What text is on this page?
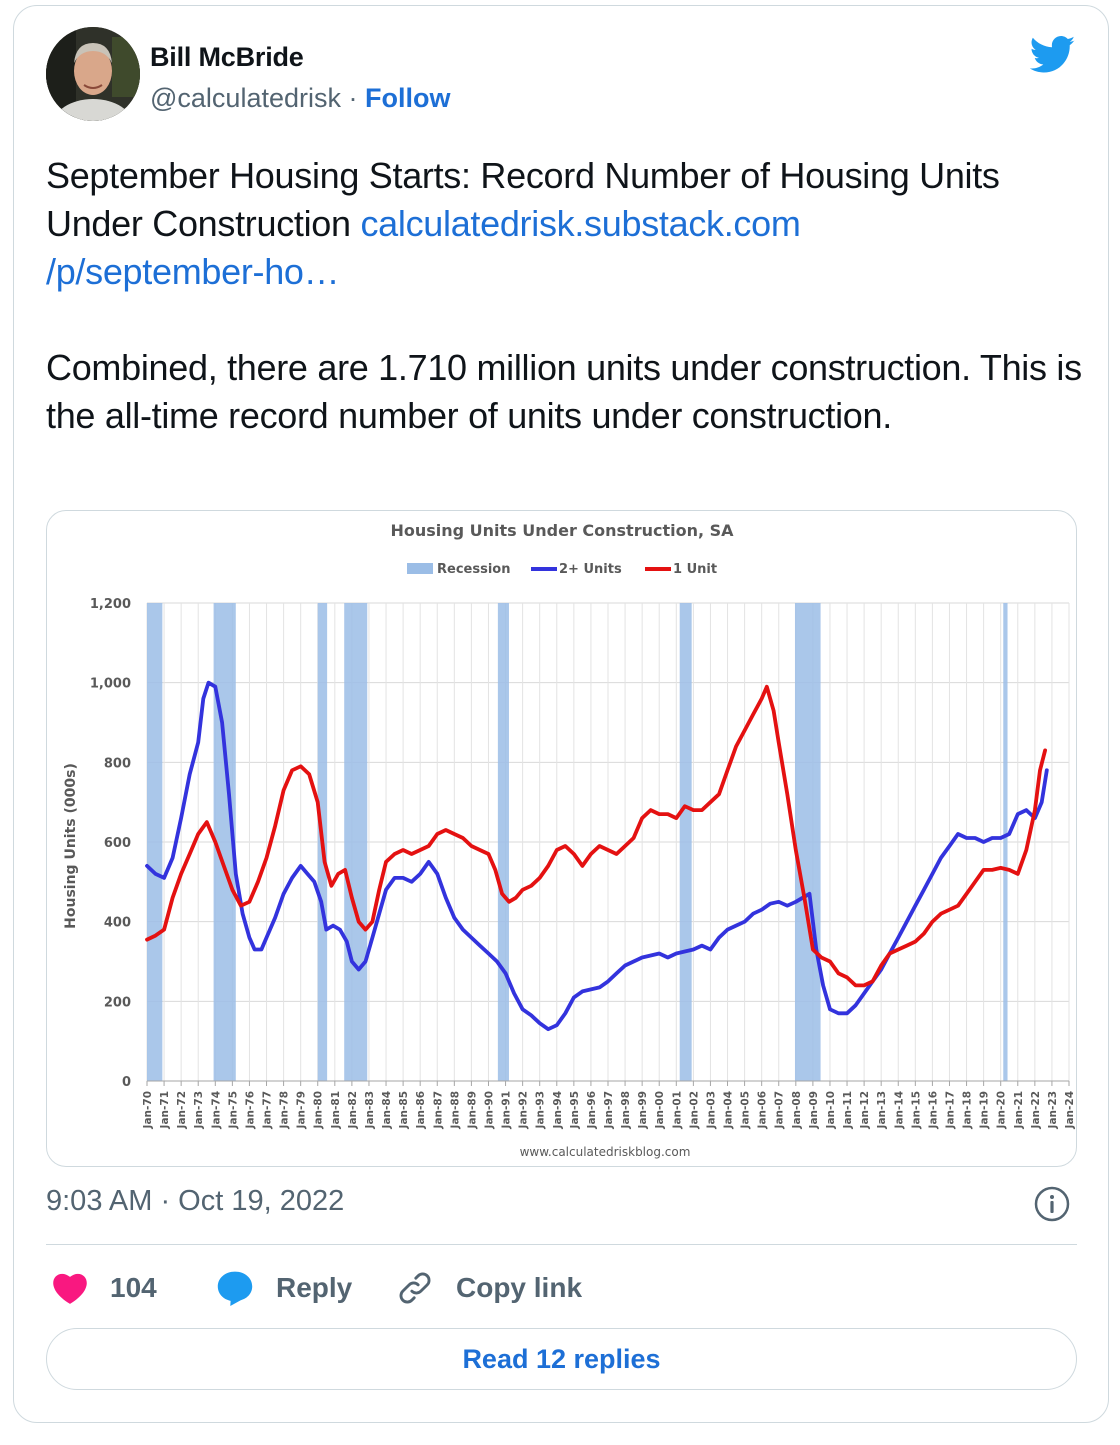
Bill McBride
@calculatedrisk · Follow

September Housing Starts: Record Number of Housing Units Under Construction calculatedrisk.substack.com
/p/september-ho…

Combined, there are 1.710 million units under construction. This is the all-time record number of units under construction.

Housing Units Under Construction, SA
Recession	2+ Units	1 Unit
0
200
400
600
800
1,000
1,200
Jan-70 Jan-71 Jan-72 Jan-73 Jan-74 Jan-75 Jan-76 Jan-77 Jan-78 Jan-79 Jan-80 Jan-81 Jan-82 Jan-83 Jan-84 Jan-85 Jan-86 Jan-87 Jan-88 Jan-89 Jan-90 Jan-91 Jan-92 Jan-93 Jan-94 Jan-95 Jan-96 Jan-97 Jan-98 Jan-99 Jan-00 Jan-01 Jan-02 Jan-03 Jan-04 Jan-05 Jan-06 Jan-07 Jan-08 Jan-09 Jan-10 Jan-11 Jan-12 Jan-13 Jan-14 Jan-15 Jan-16 Jan-17 Jan-18 Jan-19 Jan-20 Jan-21 Jan-22 Jan-23 Jan-24
Housing Units (000s)
www.calculatedriskblog.com
9:03 AM · Oct 19, 2022
104	Reply	Copy link
Read 12 replies
